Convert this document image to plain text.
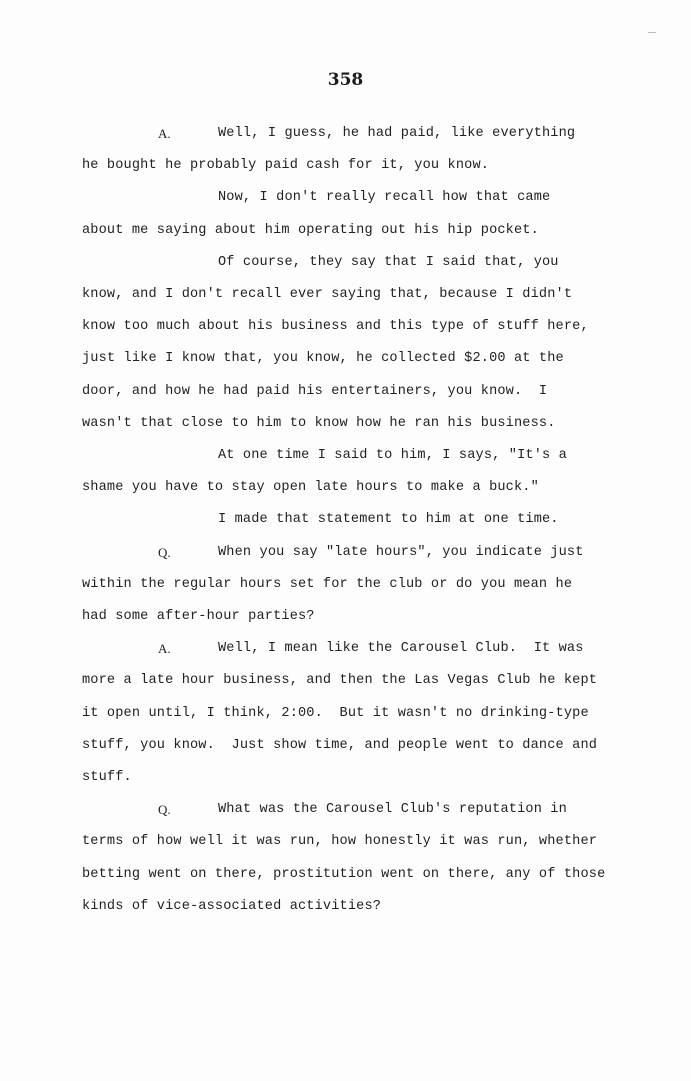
358
A.	Well, I guess, he had paid, like everything
he bought he probably paid cash for it, you know.
Now, I don't really recall how that came
about me saying about him operating out his hip pocket.
Of course, they say that I said that, you
know, and I don't recall ever saying that, because I didn't
know too much about his business and this type of stuff here,
just like I know that, you know, he collected $2.00 at the
door, and how he had paid his entertainers, you know.  I
wasn't that close to him to know how he ran his business.
At one time I said to him, I says, "It's a
shame you have to stay open late hours to make a buck."
I made that statement to him at one time.
Q.	When you say "late hours", you indicate just
within the regular hours set for the club or do you mean he
had some after-hour parties?
A.	Well, I mean like the Carousel Club.  It was
more a late hour business, and then the Las Vegas Club he kept
it open until, I think, 2:00.  But it wasn't no drinking-type
stuff, you know.  Just show time, and people went to dance and
stuff.
Q.	What was the Carousel Club's reputation in
terms of how well it was run, how honestly it was run, whether
betting went on there, prostitution went on there, any of those
kinds of vice-associated activities?
